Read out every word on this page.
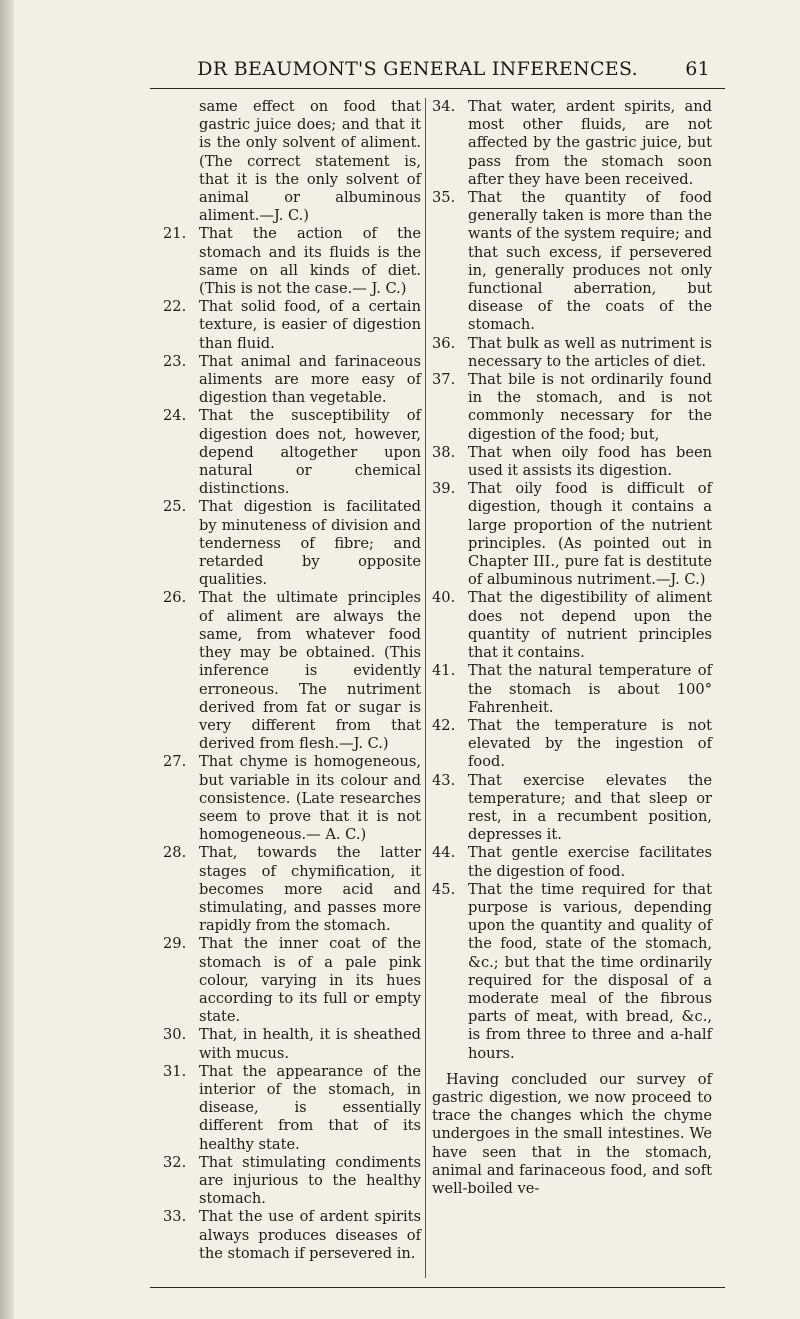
DR BEAUMONT'S GENERAL INFERENCES.	61
same effect on food that gastric juice does; and that it is the only solvent of aliment. (The correct statement is, that it is the only solvent of animal or albuminous aliment.—J. C.)
21. That the action of the stomach and its fluids is the same on all kinds of diet. (This is not the case.— J. C.)
22. That solid food, of a certain texture, is easier of digestion than fluid.
23. That animal and farinaceous aliments are more easy of digestion than vegetable.
24. That the susceptibility of digestion does not, however, depend altogether upon natural or chemical distinctions.
25. That digestion is facilitated by minuteness of division and tenderness of fibre; and retarded by opposite qualities.
26. That the ultimate principles of aliment are always the same, from whatever food they may be obtained. (This inference is evidently erroneous. The nutriment derived from fat or sugar is very different from that derived from flesh.—J. C.)
27. That chyme is homogeneous, but variable in its colour and consistence. (Late researches seem to prove that it is not homogeneous.— A. C.)
28. That, towards the latter stages of chymification, it becomes more acid and stimulating, and passes more rapidly from the stomach.
29. That the inner coat of the stomach is of a pale pink colour, varying in its hues according to its full or empty state.
30. That, in health, it is sheathed with mucus.
31. That the appearance of the interior of the stomach, in disease, is essentially different from that of its healthy state.
32. That stimulating condiments are injurious to the healthy stomach.
33. That the use of ardent spirits always produces diseases of the stomach if persevered in.
34. That water, ardent spirits, and most other fluids, are not affected by the gastric juice, but pass from the stomach soon after they have been received.
35. That the quantity of food generally taken is more than the wants of the system require; and that such excess, if persevered in, generally produces not only functional aberration, but disease of the coats of the stomach.
36. That bulk as well as nutriment is necessary to the articles of diet.
37. That bile is not ordinarily found in the stomach, and is not commonly necessary for the digestion of the food; but,
38. That when oily food has been used it assists its digestion.
39. That oily food is difficult of digestion, though it contains a large proportion of the nutrient principles. (As pointed out in Chapter III., pure fat is destitute of albuminous nutriment.—J. C.)
40. That the digestibility of aliment does not depend upon the quantity of nutrient principles that it contains.
41. That the natural temperature of the stomach is about 100° Fahrenheit.
42. That the temperature is not elevated by the ingestion of food.
43. That exercise elevates the temperature; and that sleep or rest, in a recumbent position, depresses it.
44. That gentle exercise facilitates the digestion of food.
45. That the time required for that purpose is various, depending upon the quantity and quality of the food, state of the stomach, &c.; but that the time ordinarily required for the disposal of a moderate meal of the fibrous parts of meat, with bread, &c., is from three to three and a-half hours.
Having concluded our survey of gastric digestion, we now proceed to trace the changes which the chyme undergoes in the small intestines. We have seen that in the stomach, animal and farinaceous food, and soft well-boiled ve-
